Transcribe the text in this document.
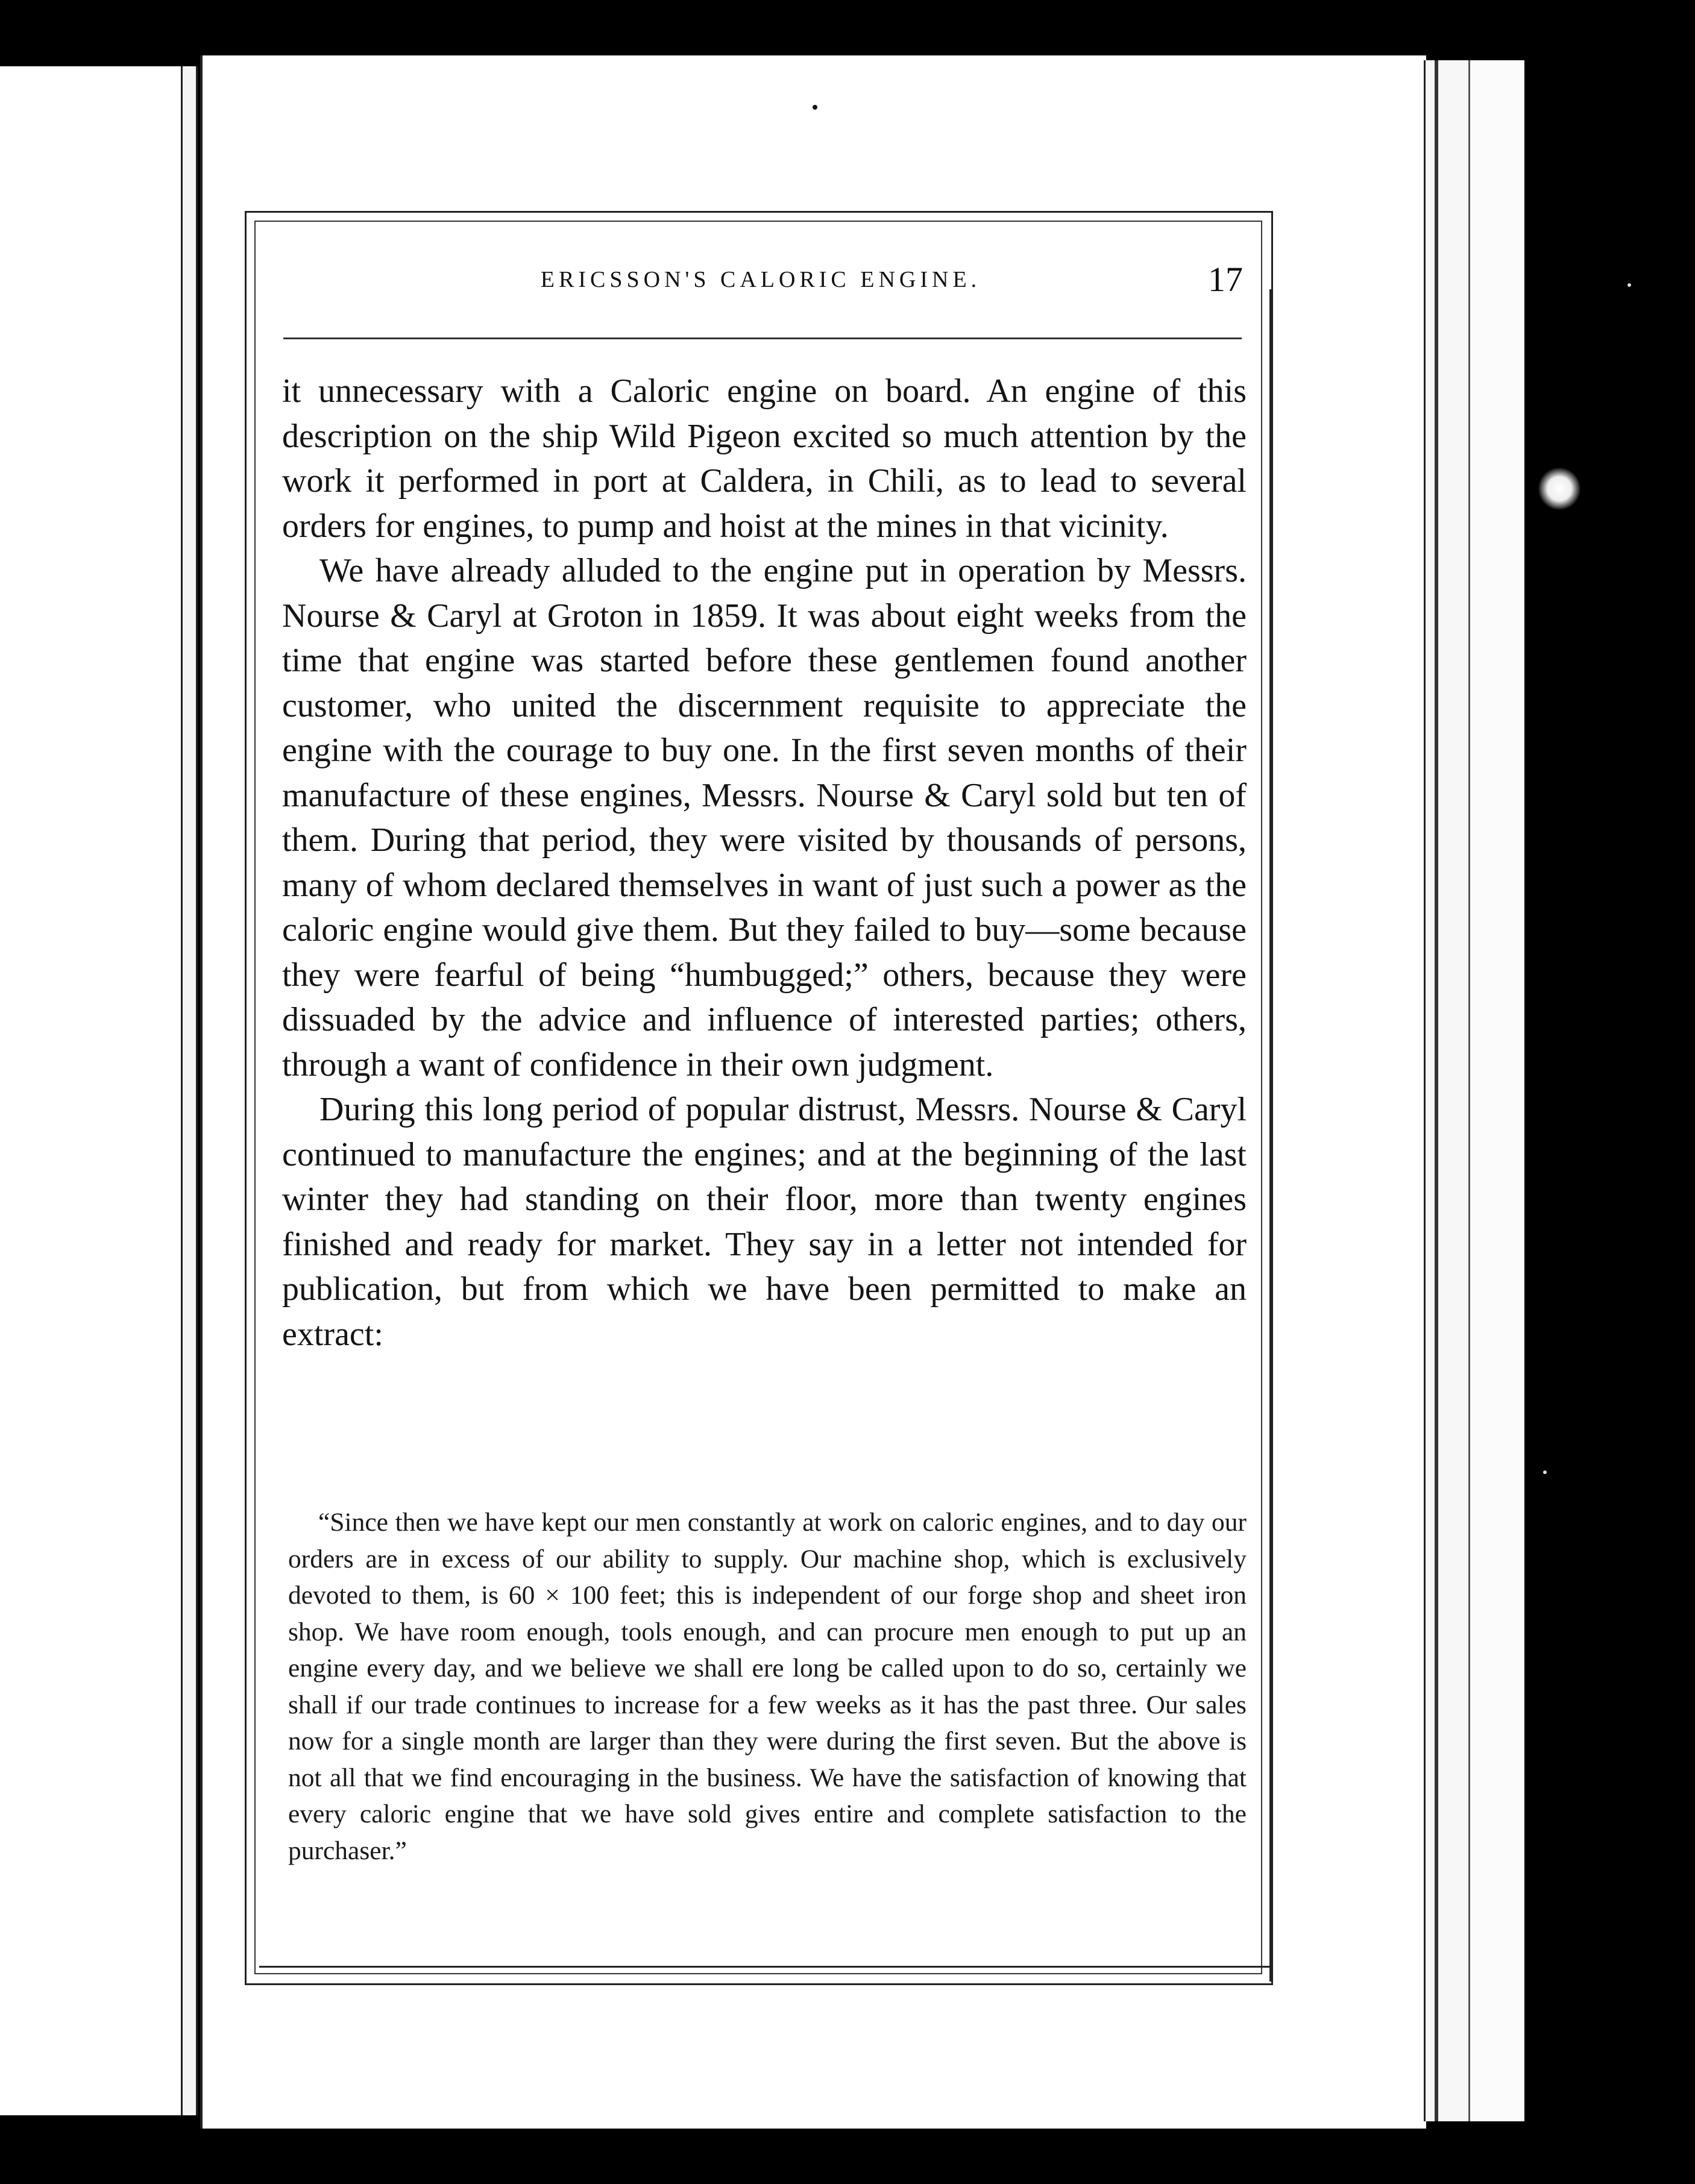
ERICSSON'S CALORIC ENGINE.	17

it unnecessary with a Caloric engine on board. An engine of this description on the ship Wild Pigeon excited so much attention by the work it performed in port at Caldera, in Chili, as to lead to several orders for engines, to pump and hoist at the mines in that vicinity.

We have already alluded to the engine put in operation by Messrs. Nourse & Caryl at Groton in 1859. It was about eight weeks from the time that engine was started before these gentlemen found another customer, who united the discernment requisite to appreciate the engine with the courage to buy one. In the first seven months of their manufacture of these engines, Messrs. Nourse & Caryl sold but ten of them. During that period, they were visited by thousands of persons, many of whom declared themselves in want of just such a power as the caloric engine would give them. But they failed to buy—some because they were fearful of being “humbugged;” others, because they were dissuaded by the advice and influence of interested parties; others, through a want of confidence in their own judgment.

During this long period of popular distrust, Messrs. Nourse & Caryl continued to manufacture the engines; and at the beginning of the last winter they had standing on their floor, more than twenty engines finished and ready for market. They say in a letter not intended for publication, but from which we have been permitted to make an extract:

“Since then we have kept our men constantly at work on caloric engines, and to day our orders are in excess of our ability to supply. Our machine shop, which is exclusively devoted to them, is 60 × 100 feet; this is independent of our forge shop and sheet iron shop. We have room enough, tools enough, and can procure men enough to put up an engine every day, and we believe we shall ere long be called upon to do so, certainly we shall if our trade continues to increase for a few weeks as it has the past three. Our sales now for a single month are larger than they were during the first seven. But the above is not all that we find encouraging in the business. We have the satisfaction of knowing that every caloric engine that we have sold gives entire and complete satisfaction to the purchaser.”
